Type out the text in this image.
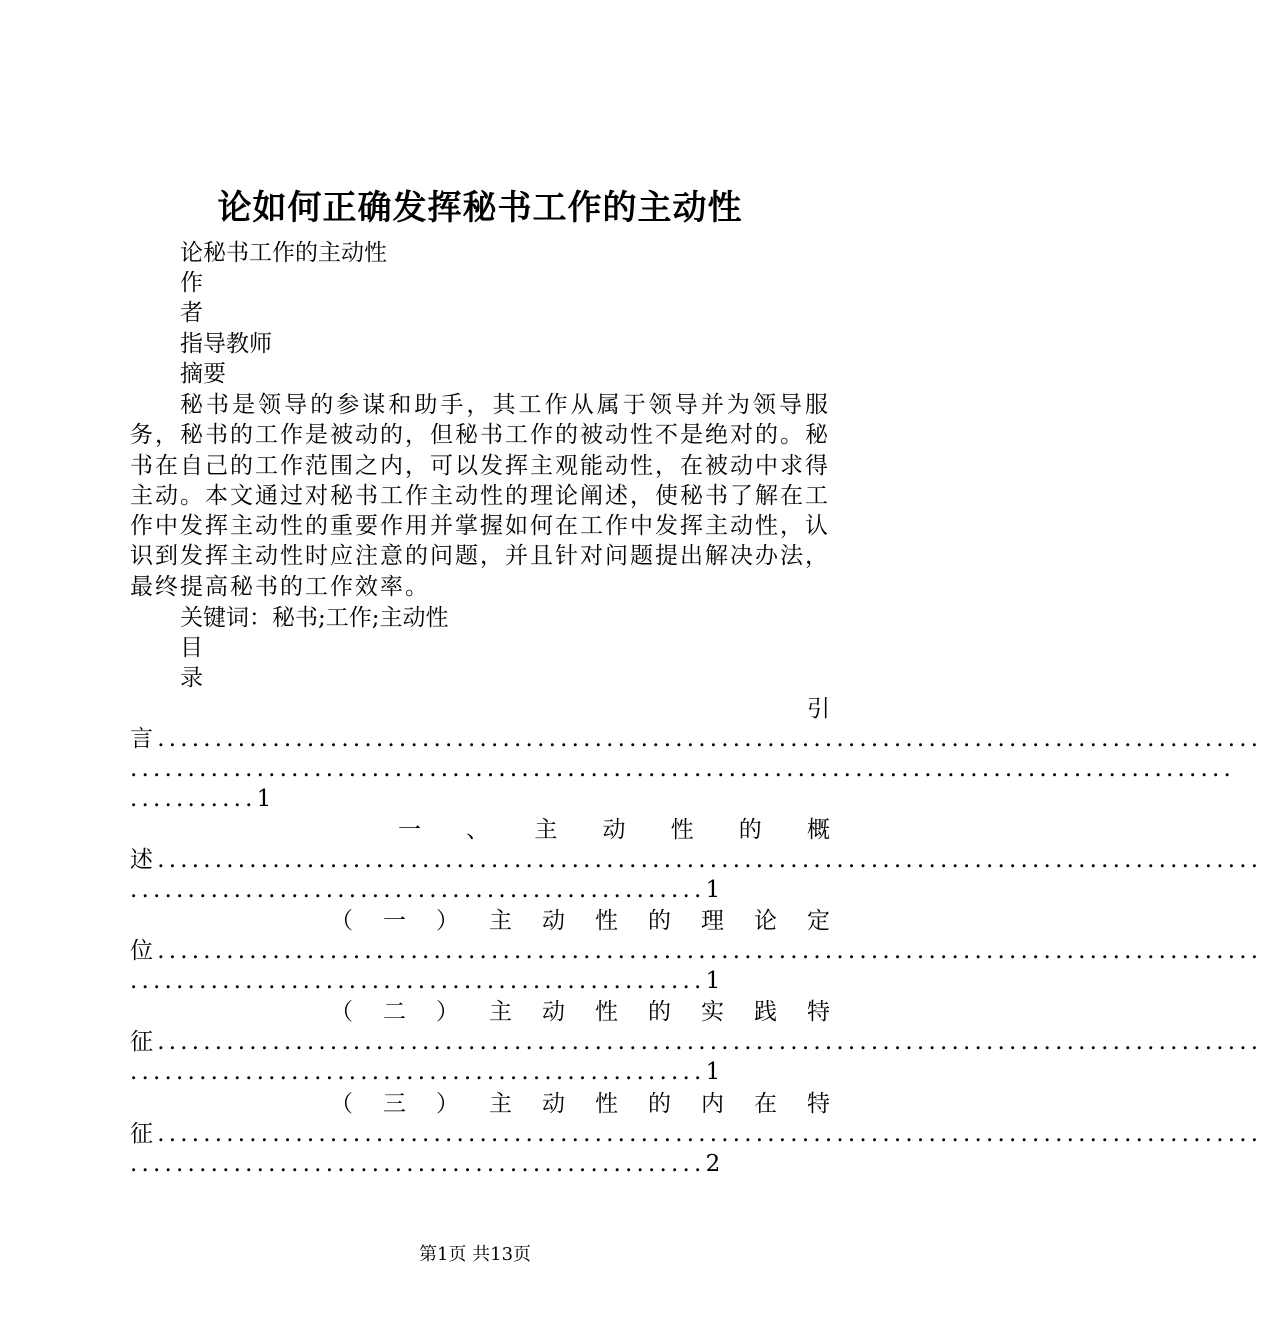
论如何正确发挥秘书工作的主动性

论秘书工作的主动性

作

者

指导教师

摘要

秘书是领导的参谋和助手，其工作从属于领导并为领导服务，秘书的工作是被动的，但秘书工作的被动性不是绝对的。秘书在自己的工作范围之内，可以发挥主观能动性，在被动中求得主动。本文通过对秘书工作主动性的理论阐述，使秘书了解在工作中发挥主动性的重要作用并掌握如何在工作中发挥主动性，认识到发挥主动性时应注意的问题，并且针对问题提出解决办法，最终提高秘书的工作效率。

关键词：秘书;工作;主动性

目

录

引
言................................................................................................
................................................................................................
...........1
一 、 主 动 性 的 概
述................................................................................................
..................................................1
（ 一 ） 主 动 性 的 理 论 定
位................................................................................................
..................................................1
（ 二 ） 主 动 性 的 实 践 特
征................................................................................................
..................................................1
（ 三 ） 主 动 性 的 内 在 特
征................................................................................................
..................................................2
第1页 共13页
